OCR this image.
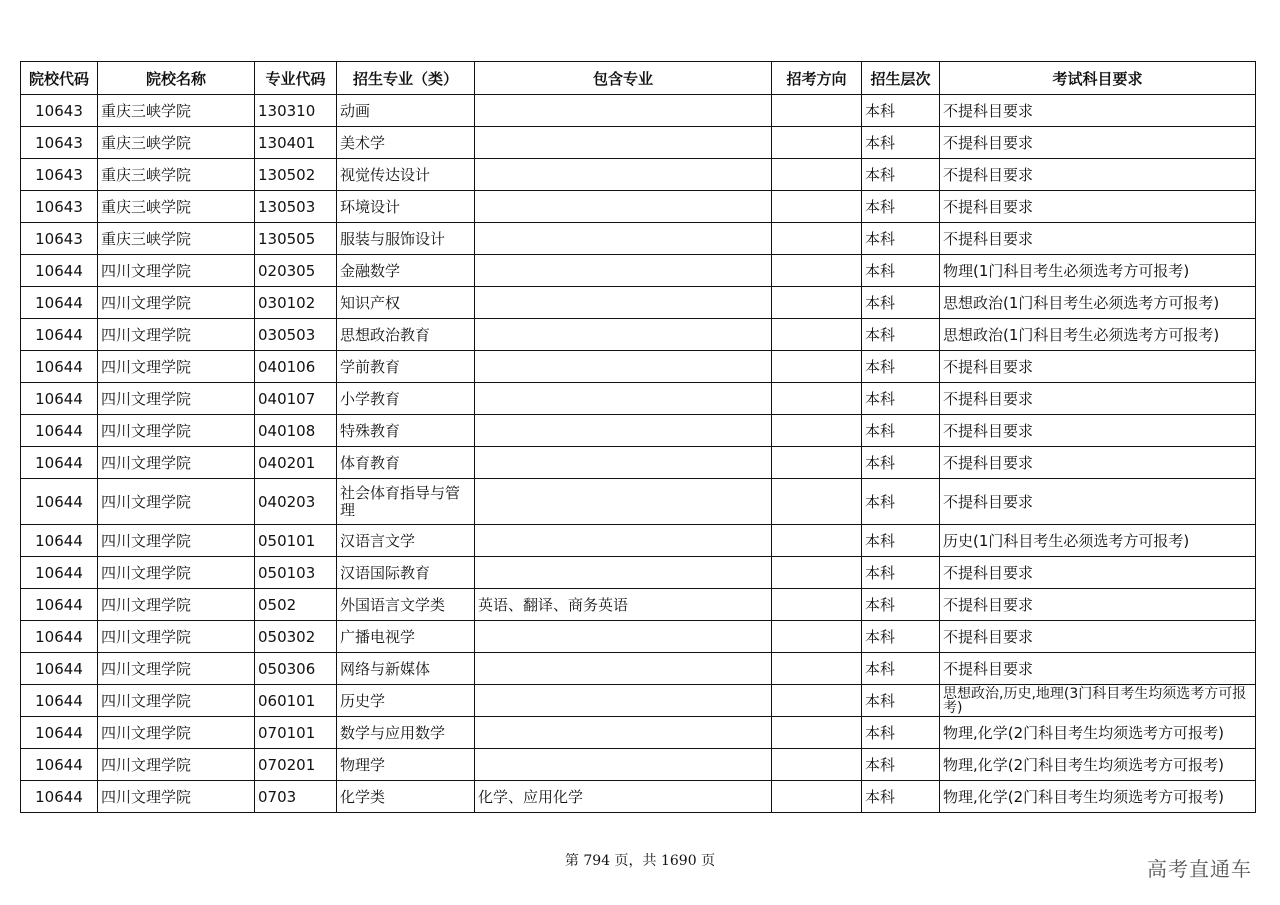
院校代码	院校名称	专业代码	招生专业（类）	包含专业	招考方向	招生层次	考试科目要求
10643	重庆三峡学院	130310	动画			本科	不提科目要求
10643	重庆三峡学院	130401	美术学			本科	不提科目要求
10643	重庆三峡学院	130502	视觉传达设计			本科	不提科目要求
10643	重庆三峡学院	130503	环境设计			本科	不提科目要求
10643	重庆三峡学院	130505	服装与服饰设计			本科	不提科目要求
10644	四川文理学院	020305	金融数学			本科	物理(1门科目考生必须选考方可报考)
10644	四川文理学院	030102	知识产权			本科	思想政治(1门科目考生必须选考方可报考)
10644	四川文理学院	030503	思想政治教育			本科	思想政治(1门科目考生必须选考方可报考)
10644	四川文理学院	040106	学前教育			本科	不提科目要求
10644	四川文理学院	040107	小学教育			本科	不提科目要求
10644	四川文理学院	040108	特殊教育			本科	不提科目要求
10644	四川文理学院	040201	体育教育			本科	不提科目要求
10644	四川文理学院	040203	社会体育指导与管理			本科	不提科目要求
10644	四川文理学院	050101	汉语言文学			本科	历史(1门科目考生必须选考方可报考)
10644	四川文理学院	050103	汉语国际教育			本科	不提科目要求
10644	四川文理学院	0502	外国语言文学类	英语、翻译、商务英语		本科	不提科目要求
10644	四川文理学院	050302	广播电视学			本科	不提科目要求
10644	四川文理学院	050306	网络与新媒体			本科	不提科目要求
10644	四川文理学院	060101	历史学			本科	思想政治,历史,地理(3门科目考生均须选考方可报考)
10644	四川文理学院	070101	数学与应用数学			本科	物理,化学(2门科目考生均须选考方可报考)
10644	四川文理学院	070201	物理学			本科	物理,化学(2门科目考生均须选考方可报考)
10644	四川文理学院	0703	化学类	化学、应用化学		本科	物理,化学(2门科目考生均须选考方可报考)
第 794 页，共 1690 页	高考直通车
